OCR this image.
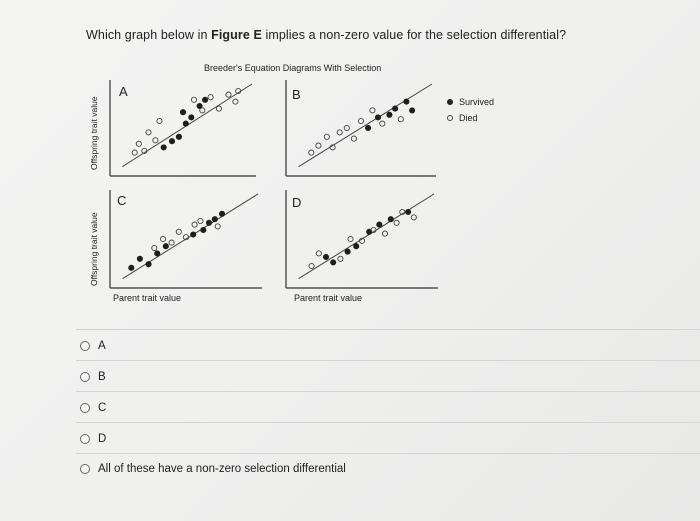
Which graph below in Figure E implies a non-zero value for the selection differential?
Breeder's Equation Diagrams With Selection
Offspring trait value
Offspring trait value
A	B
C	D
Parent trait value	Parent trait value
Survived
Died
A
B
C
D
All of these have a non-zero selection differential
